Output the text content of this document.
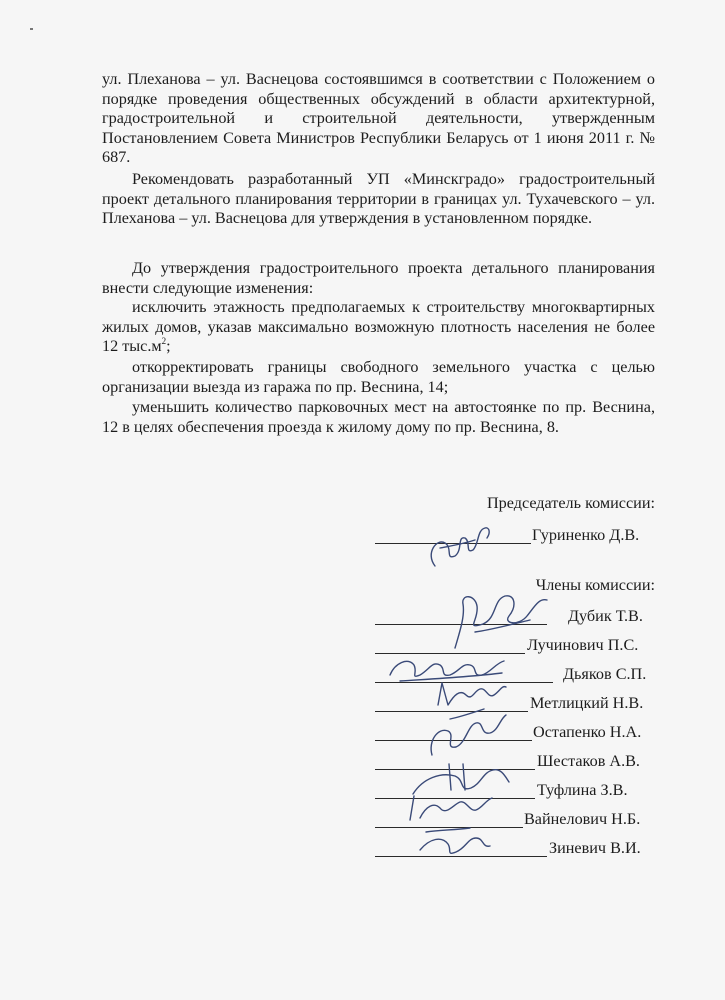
ул. Плеханова – ул. Васнецова состоявшимся в соответствии с Положением о порядке проведения общественных обсуждений в области архитектурной, градостроительной и строительной деятельности, утвержденным Постановлением Совета Министров Республики Беларусь от 1 июня 2011 г. № 687.

Рекомендовать разработанный УП «Минскградо» градостроительный проект детального планирования территории в границах ул. Тухачевского – ул. Плеханова – ул. Васнецова для утверждения в установленном порядке.

До утверждения градостроительного проекта детального планирования внести следующие изменения:

исключить этажность предполагаемых к строительству многоквартирных жилых домов, указав максимально возможную плотность населения не более 12 $тыс.м^2$;

откорректировать границы свободного земельного участка с целью организации выезда из гаража по пр. Веснина, 14;

уменьшить количество парковочных мест на автостоянке по пр. Веснина, 12 в целях обеспечения проезда к жилому дому по пр. Веснина, 8.

Председатель комиссии:
Гуриненко Д.В.
Члены комиссии:
Дубик Т.В.
Лучинович П.С.
Дьяков С.П.
Метлицкий Н.В.
Остапенко Н.А.
Шестаков А.В.
Туфлина З.В.
Вайнелович Н.Б.
Зиневич В.И.
